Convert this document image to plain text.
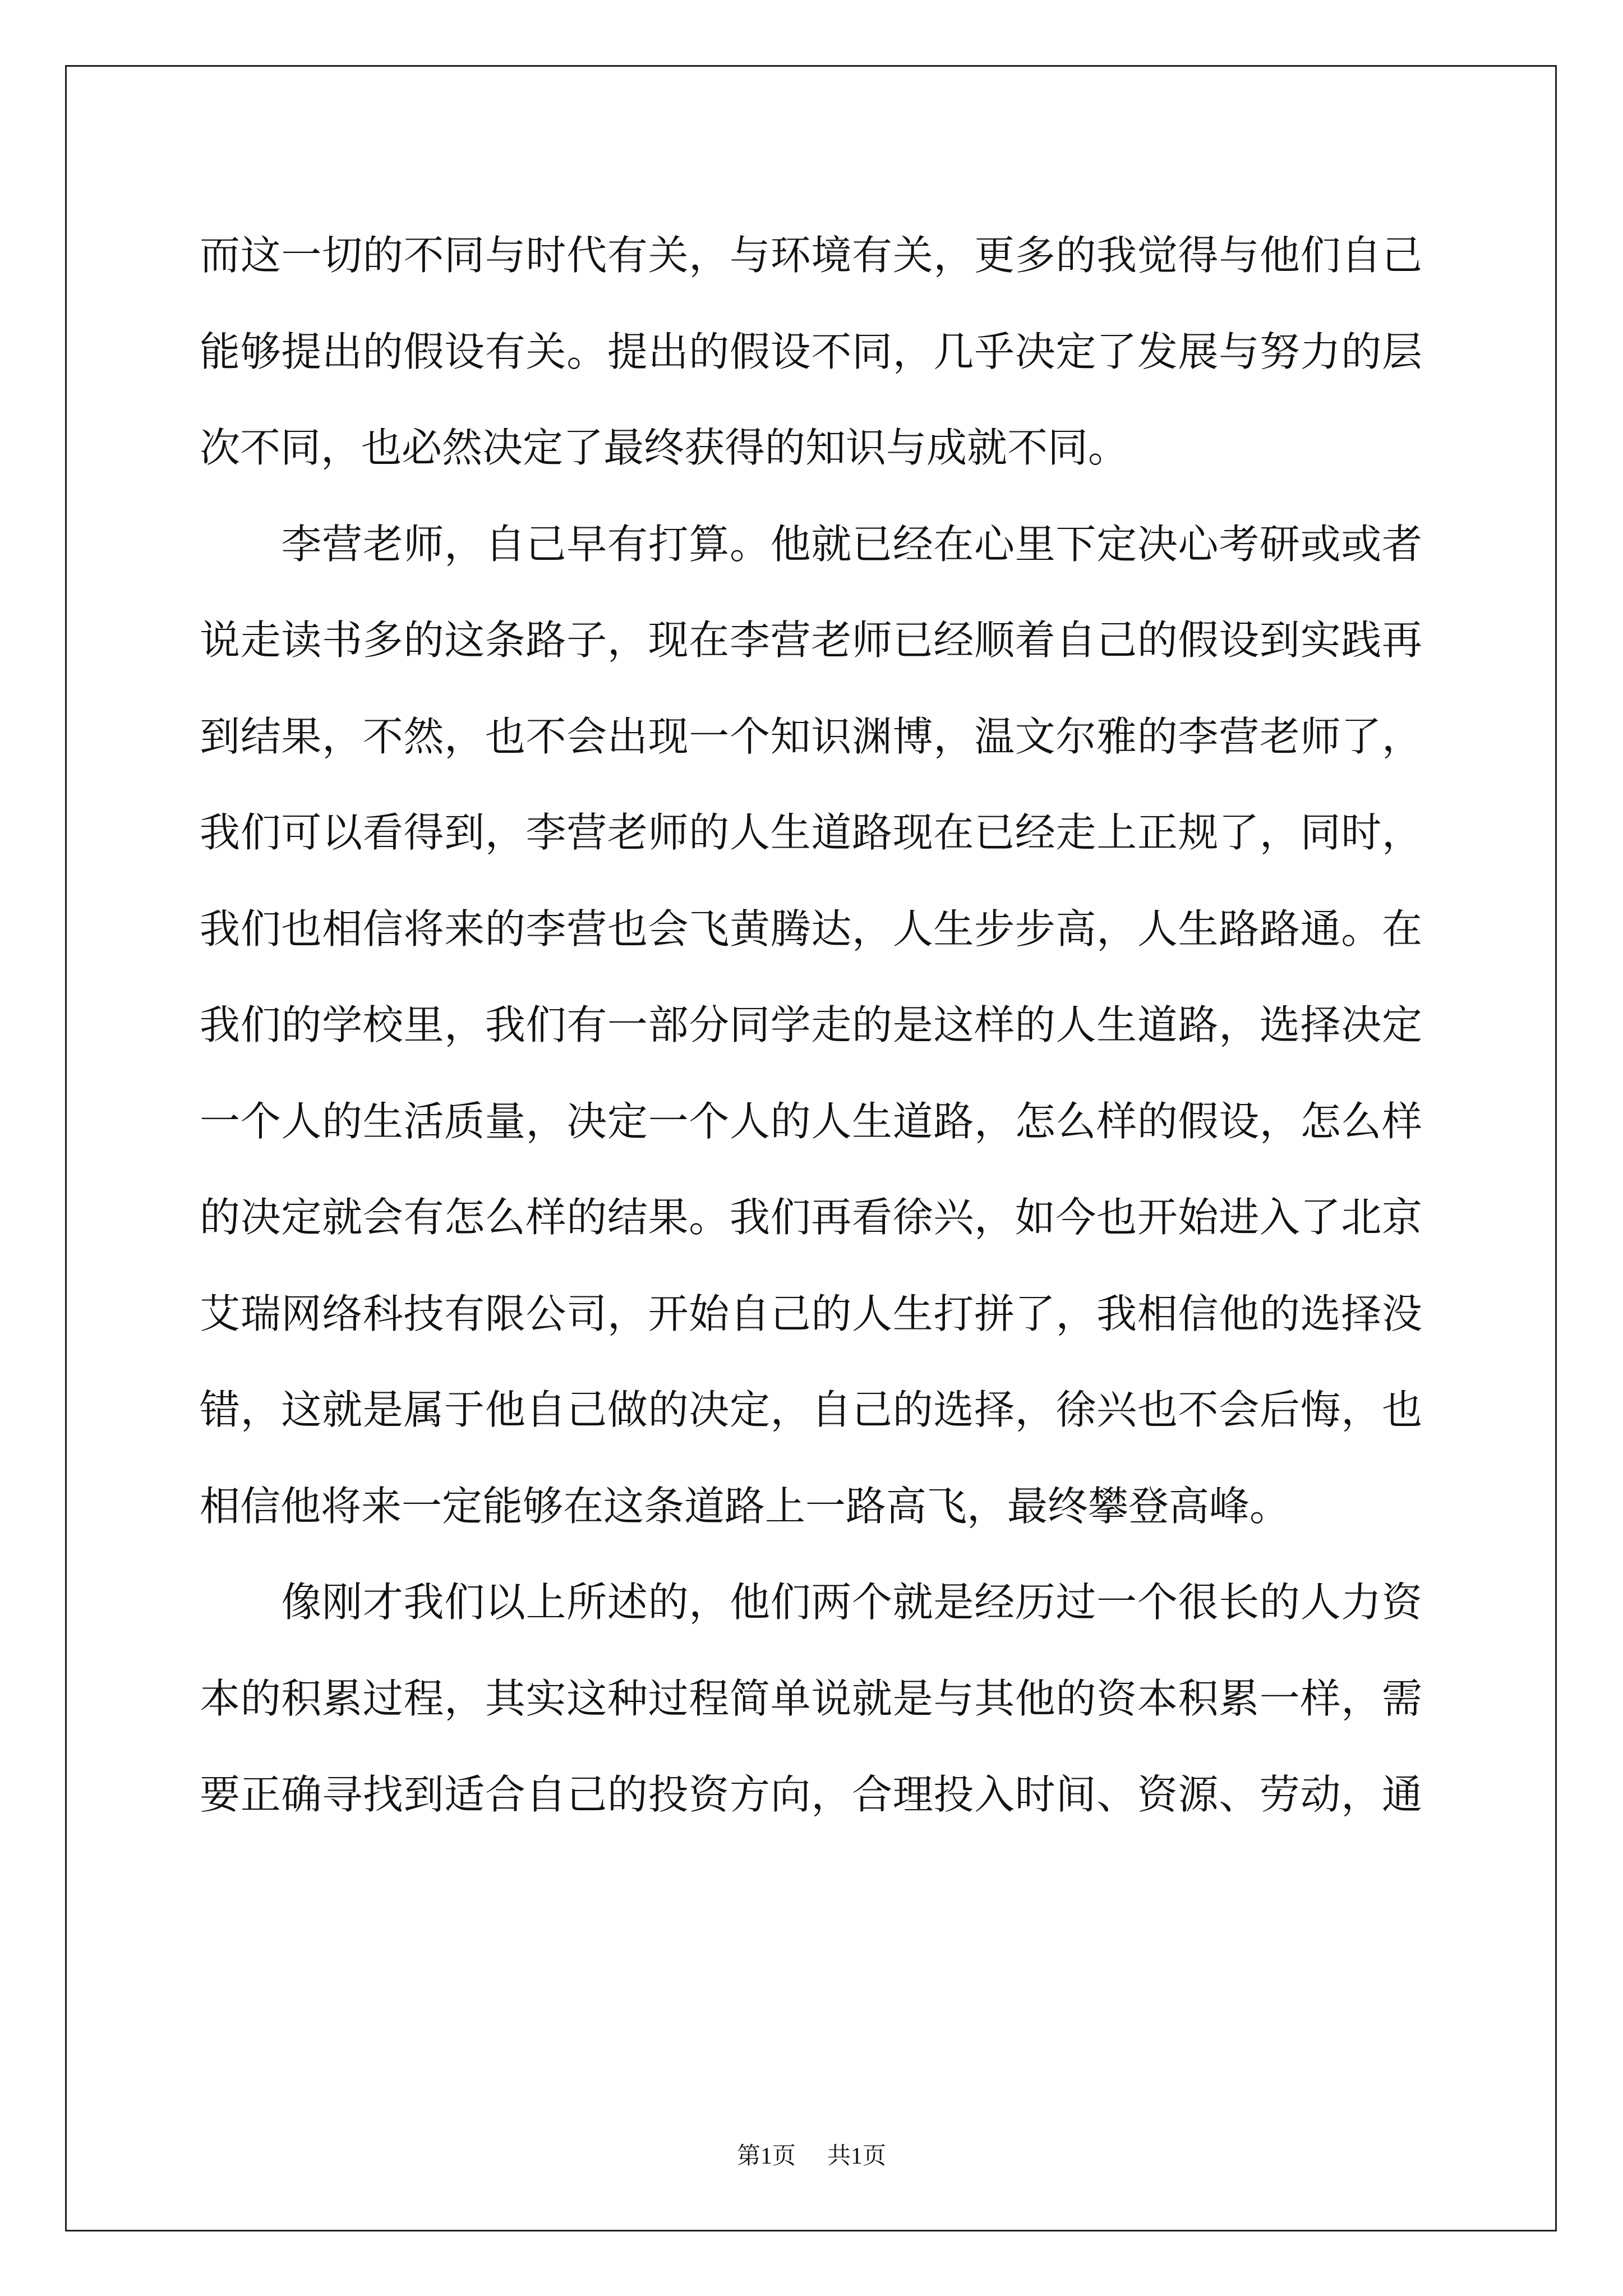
而这一切的不同与时代有关，与环境有关，更多的我觉得与他们自己
能够提出的假设有关。提出的假设不同，几乎决定了发展与努力的层
次不同，也必然决定了最终获得的知识与成就不同。
　　李营老师，自己早有打算。他就已经在心里下定决心考研或或者
说走读书多的这条路子，现在李营老师已经顺着自己的假设到实践再
到结果，不然，也不会出现一个知识渊博，温文尔雅的李营老师了，
我们可以看得到，李营老师的人生道路现在已经走上正规了，同时，
我们也相信将来的李营也会飞黄腾达，人生步步高，人生路路通。在
我们的学校里，我们有一部分同学走的是这样的人生道路，选择决定
一个人的生活质量，决定一个人的人生道路，怎么样的假设，怎么样
的决定就会有怎么样的结果。我们再看徐兴，如今也开始进入了北京
艾瑞网络科技有限公司，开始自己的人生打拼了，我相信他的选择没
错，这就是属于他自己做的决定，自己的选择，徐兴也不会后悔，也
相信他将来一定能够在这条道路上一路高飞，最终攀登高峰。
　　像刚才我们以上所述的，他们两个就是经历过一个很长的人力资
本的积累过程，其实这种过程简单说就是与其他的资本积累一样，需
要正确寻找到适合自己的投资方向，合理投入时间、资源、劳动，通
第1页 共1页
